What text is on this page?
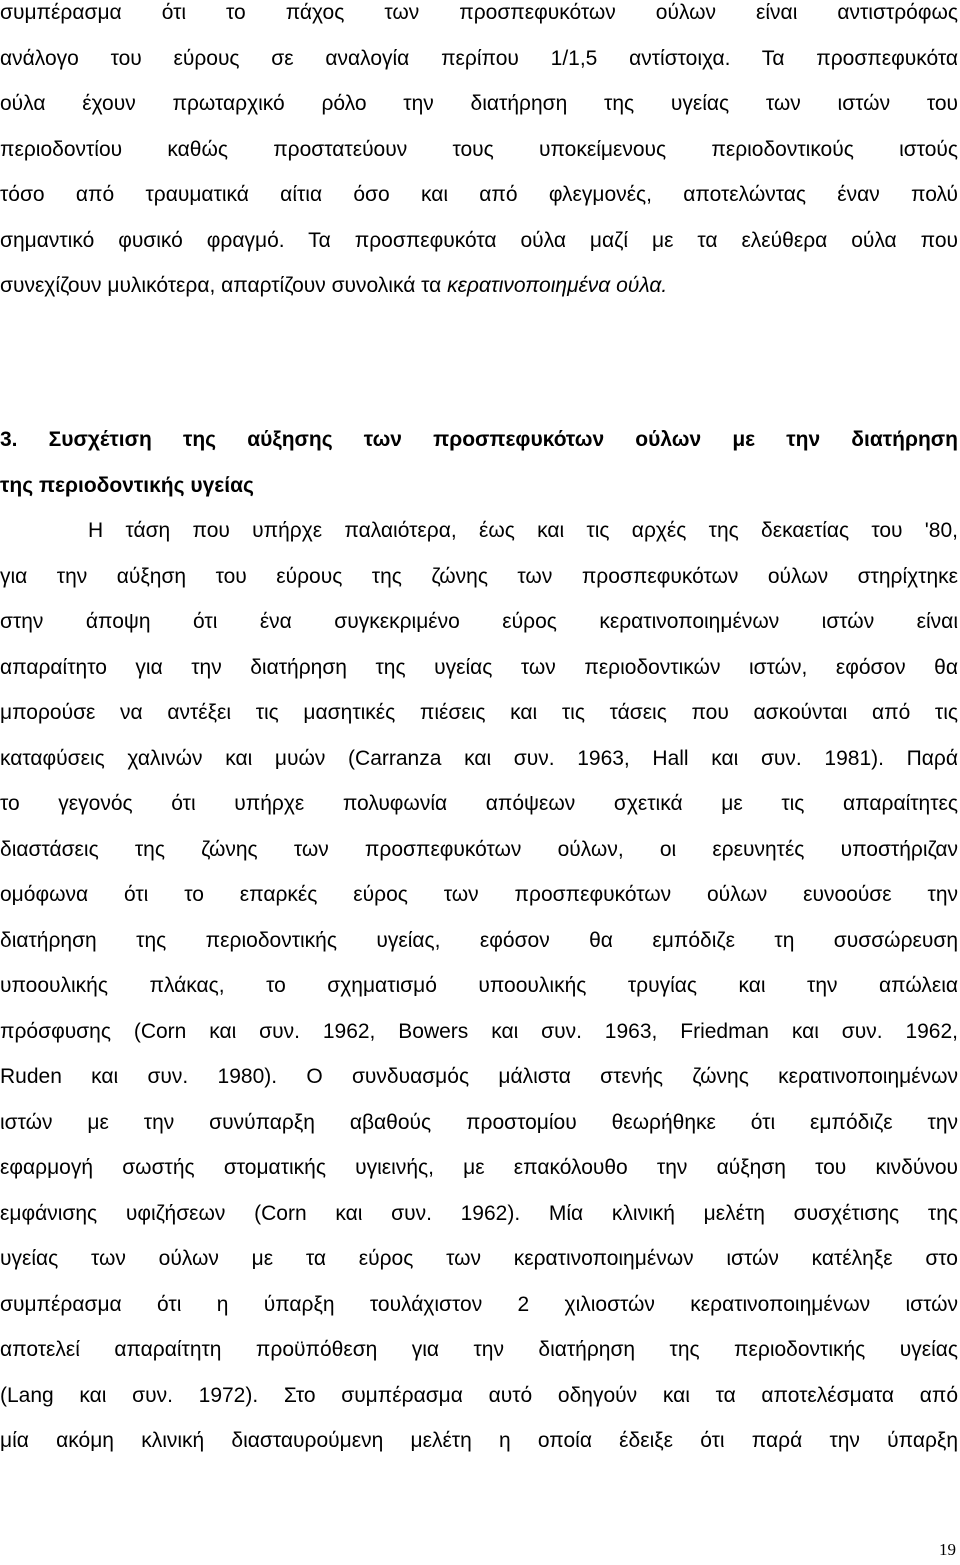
συμπέρασμα ότι το πάχος των προσπεφυκότων ούλων είναι αντιστρόφως
ανάλογο του εύρους σε αναλογία περίπου 1/1,5 αντίστοιχα. Τα προσπεφυκότα
ούλα έχουν πρωταρχικό ρόλο την διατήρηση της υγείας των ιστών του
περιοδοντίου καθώς προστατεύουν τους υποκείμενους περιοδοντικούς ιστούς
τόσο από τραυματικά αίτια όσο και από φλεγμονές, αποτελώντας έναν πολύ
σημαντικό φυσικό φραγμό. Τα προσπεφυκότα ούλα μαζί με τα ελεύθερα ούλα που
συνεχίζουν μυλικότερα, απαρτίζουν συνολικά τα κερατινοποιημένα ούλα.
3. Συσχέτιση της αύξησης των προσπεφυκότων ούλων με την διατήρηση
της περιοδοντικής υγείας
Η τάση που υπήρχε παλαιότερα, έως και τις αρχές της δεκαετίας του '80,
για την αύξηση του εύρους της ζώνης των προσπεφυκότων ούλων στηρίχτηκε
στην άποψη ότι ένα συγκεκριμένο εύρος κερατινοποιημένων ιστών είναι
απαραίτητο για την διατήρηση της υγείας των περιοδοντικών ιστών, εφόσον θα
μπορούσε να αντέξει τις μασητικές πιέσεις και τις τάσεις που ασκούνται από τις
καταφύσεις χαλινών και μυών (Carranza και συν. 1963, Hall και συν. 1981). Παρά
το γεγονός ότι υπήρχε πολυφωνία απόψεων σχετικά με τις απαραίτητες
διαστάσεις της ζώνης των προσπεφυκότων ούλων, οι ερευνητές υποστήριζαν
ομόφωνα ότι το επαρκές εύρος των προσπεφυκότων ούλων ευνοούσε την
διατήρηση της περιοδοντικής υγείας, εφόσον θα εμπόδιζε τη συσσώρευση
υποουλικής πλάκας, το σχηματισμό υποουλικής τρυγίας και την απώλεια
πρόσφυσης (Corn και συν. 1962, Bowers και συν. 1963, Friedman και συν. 1962,
Ruden και συν. 1980). Ο συνδυασμός μάλιστα στενής ζώνης κερατινοποιημένων
ιστών με την συνύπαρξη αβαθούς προστομίου θεωρήθηκε ότι εμπόδιζε την
εφαρμογή σωστής στοματικής υγιεινής, με επακόλουθο την αύξηση του κινδύνου
εμφάνισης υφιζήσεων (Corn και συν. 1962). Μία κλινική μελέτη συσχέτισης της
υγείας των ούλων με τα εύρος των κερατινοποιημένων ιστών κατέληξε στο
συμπέρασμα ότι η ύπαρξη τουλάχιστον 2 χιλιοστών κερατινοποιημένων ιστών
αποτελεί απαραίτητη προϋπόθεση για την διατήρηση της περιοδοντικής υγείας
(Lang και συν. 1972). Στο συμπέρασμα αυτό οδηγούν και τα αποτελέσματα από
μία ακόμη κλινική διασταυρούμενη μελέτη η οποία έδειξε ότι παρά την ύπαρξη
19
